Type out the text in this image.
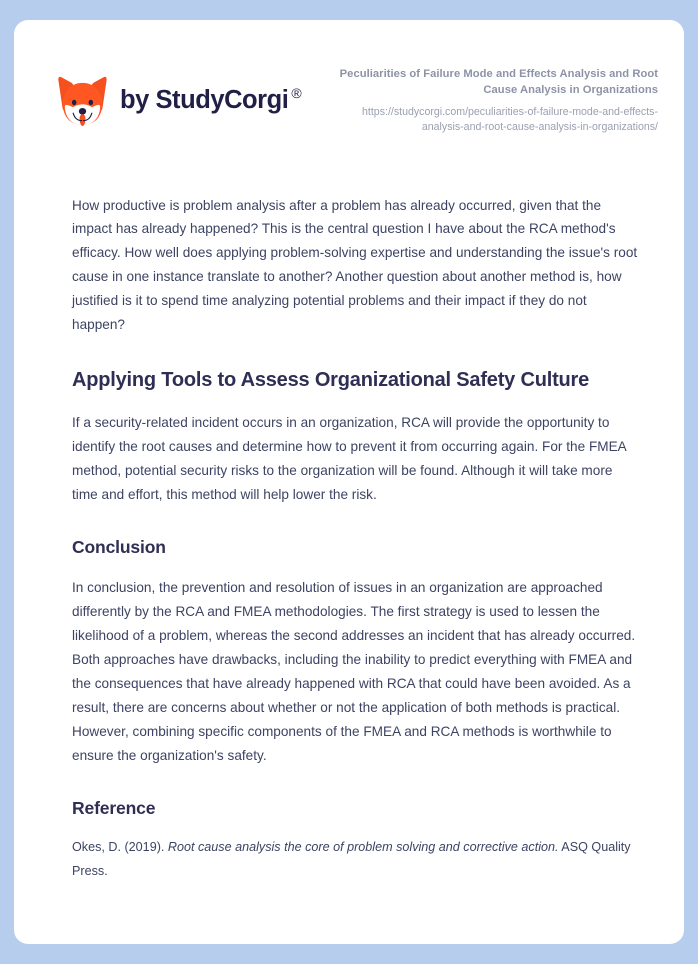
by StudyCorgi ®
Peculiarities of Failure Mode and Effects Analysis and Root Cause Analysis in Organizations
https://studycorgi.com/peculiarities-of-failure-mode-and-effects-analysis-and-root-cause-analysis-in-organizations/

How productive is problem analysis after a problem has already occurred, given that the impact has already happened? This is the central question I have about the RCA method's efficacy. How well does applying problem-solving expertise and understanding the issue's root cause in one instance translate to another? Another question about another method is, how justified is it to spend time analyzing potential problems and their impact if they do not happen?

Applying Tools to Assess Organizational Safety Culture

If a security-related incident occurs in an organization, RCA will provide the opportunity to identify the root causes and determine how to prevent it from occurring again. For the FMEA method, potential security risks to the organization will be found. Although it will take more time and effort, this method will help lower the risk.

Conclusion

In conclusion, the prevention and resolution of issues in an organization are approached differently by the RCA and FMEA methodologies. The first strategy is used to lessen the likelihood of a problem, whereas the second addresses an incident that has already occurred. Both approaches have drawbacks, including the inability to predict everything with FMEA and the consequences that have already happened with RCA that could have been avoided. As a result, there are concerns about whether or not the application of both methods is practical. However, combining specific components of the FMEA and RCA methods is worthwhile to ensure the organization's safety.

Reference

Okes, D. (2019). Root cause analysis the core of problem solving and corrective action. ASQ Quality Press.
